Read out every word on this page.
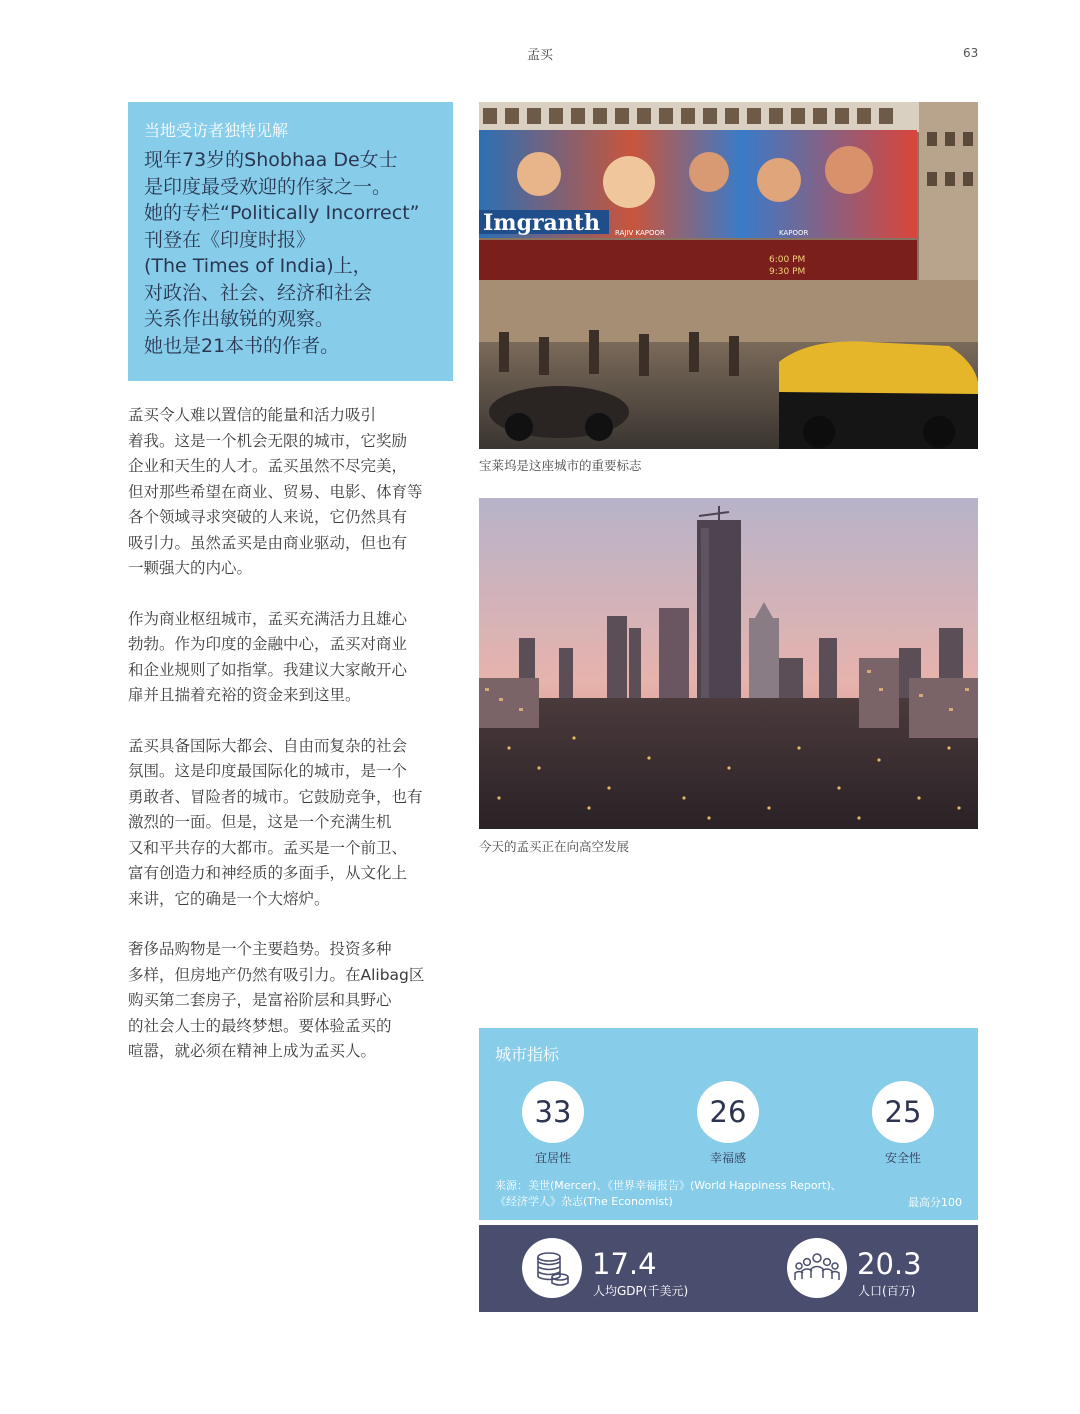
孟买	63
当地受访者独特见解
现年73岁的Shobhaa De女士
是印度最受欢迎的作家之一。
她的专栏“Politically Incorrect”
刊登在《印度时报》
(The Times of India)上，
对政治、社会、经济和社会
关系作出敏锐的观察。
她也是21本书的作者。
孟买令人难以置信的能量和活力吸引
着我。这是一个机会无限的城市，它奖励
企业和天生的人才。孟买虽然不尽完美，
但对那些希望在商业、贸易、电影、体育等
各个领域寻求突破的人来说，它仍然具有
吸引力。虽然孟买是由商业驱动，但也有
一颗强大的内心。
作为商业枢纽城市，孟买充满活力且雄心
勃勃。作为印度的金融中心，孟买对商业
和企业规则了如指掌。我建议大家敞开心
扉并且揣着充裕的资金来到这里。
孟买具备国际大都会、自由而复杂的社会
氛围。这是印度最国际化的城市，是一个
勇敢者、冒险者的城市。它鼓励竞争，也有
激烈的一面。但是，这是一个充满生机
又和平共存的大都市。孟买是一个前卫、
富有创造力和神经质的多面手，从文化上
来讲，它的确是一个大熔炉。
奢侈品购物是一个主要趋势。投资多种
多样，但房地产仍然有吸引力。在Alibag区
购买第二套房子，是富裕阶层和具野心
的社会人士的最终梦想。要体验孟买的
喧嚣，就必须在精神上成为孟买人。
Imgranth RAJIV KAPOOR	KAPOOR
6:00 PM
9:30 PM
宝莱坞是这座城市的重要标志
今天的孟买正在向高空发展
城市指标
33
宜居性
26
幸福感
25
安全性
来源：美世(Mercer)、《世界幸福报告》(World Happiness Report)、
《经济学人》杂志(The Economist)	最高分100
17.4
人均GDP(千美元)
20.3
人口(百万)
